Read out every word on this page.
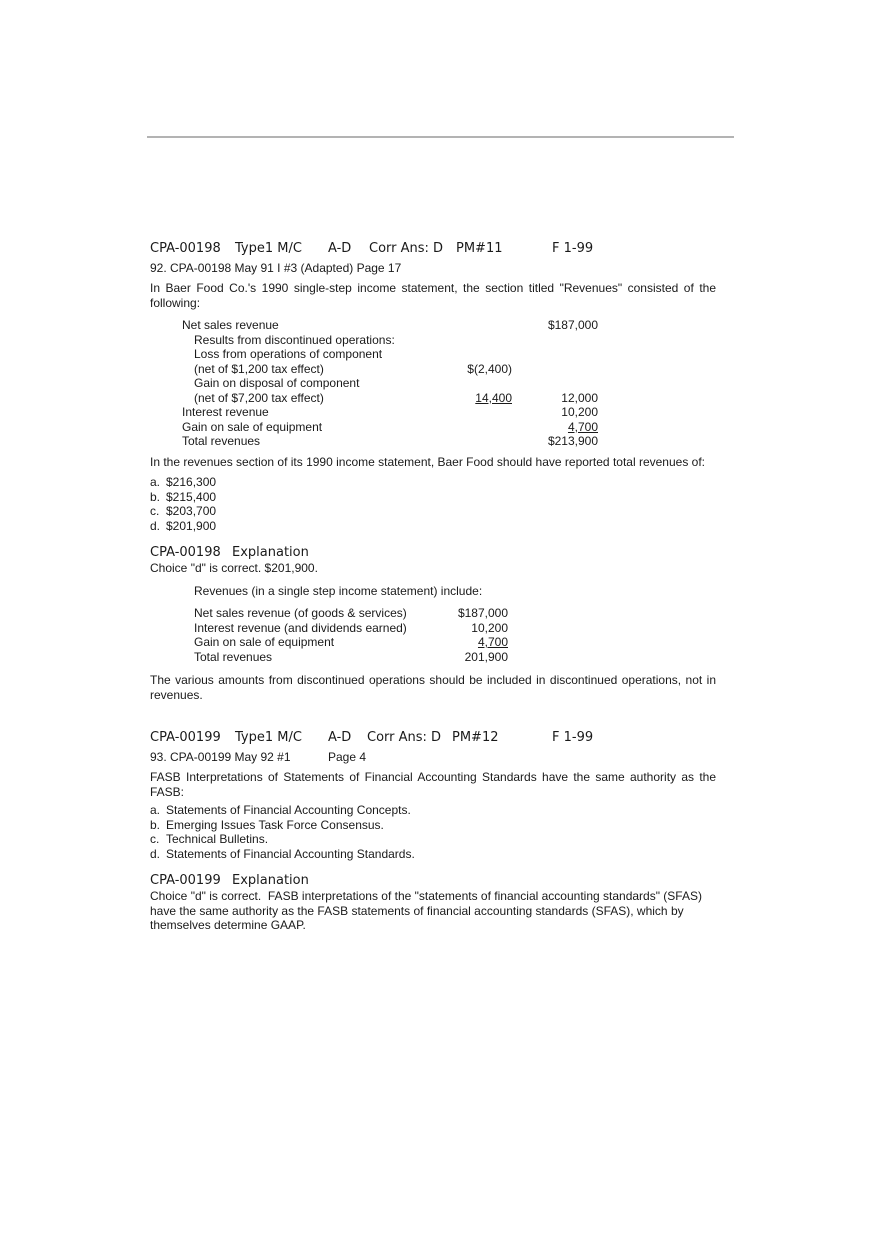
CPA-00198 Type1 M/C A-D Corr Ans: D PM#11	F 1-99
92. CPA-00198 May 91 I #3 (Adapted) Page 17
In Baer Food Co.'s 1990 single-step income statement, the section titled "Revenues" consisted of the following:
Net sales revenue	$187,000
Results from discontinued operations:
Loss from operations of component
(net of $1,200 tax effect)	$(2,400)
Gain on disposal of component
(net of $7,200 tax effect)	14,400	12,000
Interest revenue	10,200
Gain on sale of equipment	4,700
Total revenues	$213,900
In the revenues section of its 1990 income statement, Baer Food should have reported total revenues of:
a. $216,300
b. $215,400
c. $203,700
d. $201,900
CPA-00198 Explanation
Choice "d" is correct. $201,900.
Revenues (in a single step income statement) include:
Net sales revenue (of goods & services)	$187,000
Interest revenue (and dividends earned)	10,200
Gain on sale of equipment	4,700
Total revenues	201,900
The various amounts from discontinued operations should be included in discontinued operations, not in revenues.
CPA-00199 Type1 M/C A-D Corr Ans: D PM#12	F 1-99
93. CPA-00199 May 92 #1	Page 4
FASB Interpretations of Statements of Financial Accounting Standards have the same authority as the FASB:
a. Statements of Financial Accounting Concepts.
b. Emerging Issues Task Force Consensus.
c. Technical Bulletins.
d. Statements of Financial Accounting Standards.
CPA-00199 Explanation
Choice "d" is correct.  FASB interpretations of the "statements of financial accounting standards" (SFAS)
have the same authority as the FASB statements of financial accounting standards (SFAS), which by
themselves determine GAAP.
